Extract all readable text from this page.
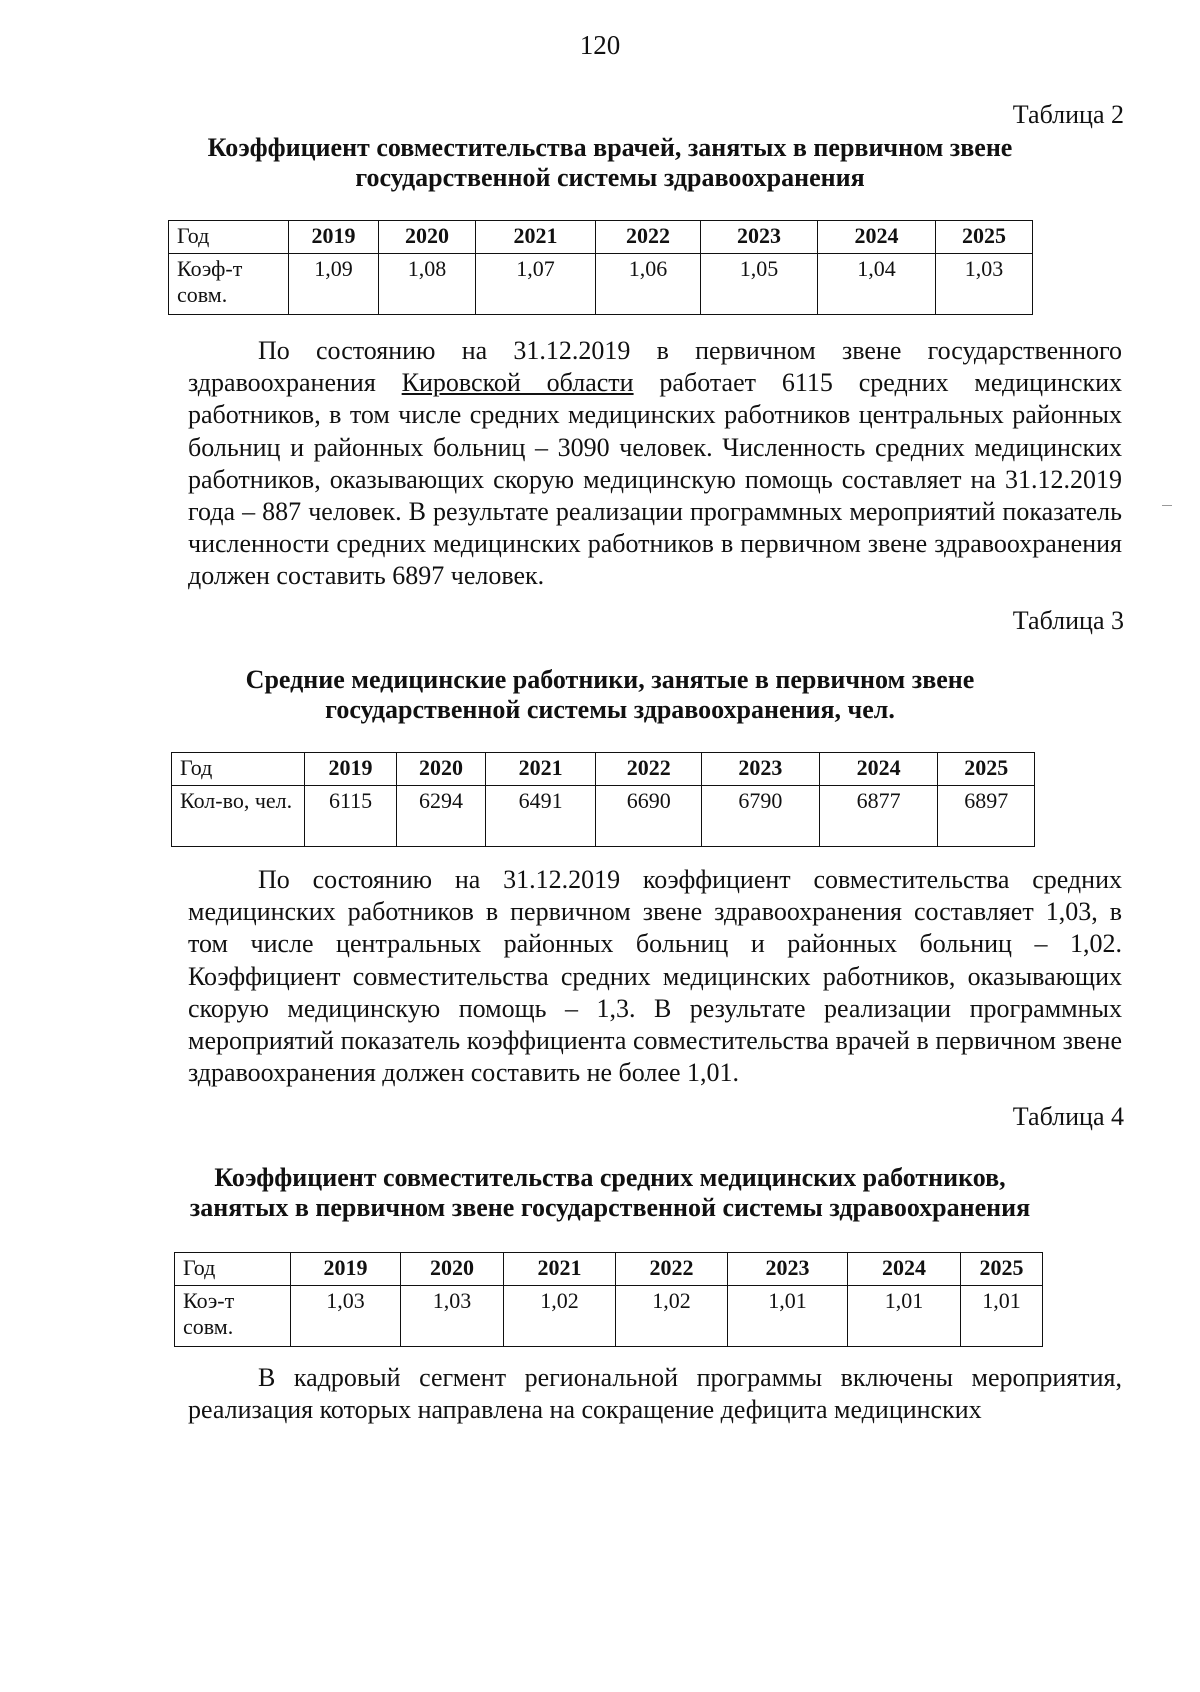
120
Таблица 2
Коэффициент совместительства врачей, занятых в первичном звене
государственной системы здравоохранения
Год	2019	2020	2021	2022	2023	2024	2025
Коэф-т совм.	1,09	1,08	1,07	1,06	1,05	1,04	1,03
По состоянию на 31.12.2019 в первичном звене государственного здравоохранения Кировской области работает 6115 средних медицинских работников, в том числе средних медицинских работников центральных районных больниц и районных больниц – 3090 человек. Численность средних медицинских работников, оказывающих скорую медицинскую помощь составляет на 31.12.2019 года – 887 человек. В результате реализации программных мероприятий показатель численности средних медицинских работников в первичном звене здравоохранения должен составить 6897 человек.
Таблица 3
Средние медицинские работники, занятые в первичном звене
государственной системы здравоохранения, чел.
Год	2019	2020	2021	2022	2023	2024	2025
Кол-во, чел.	6115	6294	6491	6690	6790	6877	6897
По состоянию на 31.12.2019 коэффициент совместительства средних медицинских работников в первичном звене здравоохранения составляет 1,03, в том числе центральных районных больниц и районных больниц – 1,02. Коэффициент совместительства средних медицинских работников, оказывающих скорую медицинскую помощь – 1,3. В результате реализации программных мероприятий показатель коэффициента совместительства врачей в первичном звене здравоохранения должен составить не более 1,01.
Таблица 4
Коэффициент совместительства средних медицинских работников,
занятых в первичном звене государственной системы здравоохранения
Год	2019	2020	2021	2022	2023	2024	2025
Коэ-т совм.	1,03	1,03	1,02	1,02	1,01	1,01	1,01
В кадровый сегмент региональной программы включены мероприятия, реализация которых направлена на сокращение дефицита медицинских
